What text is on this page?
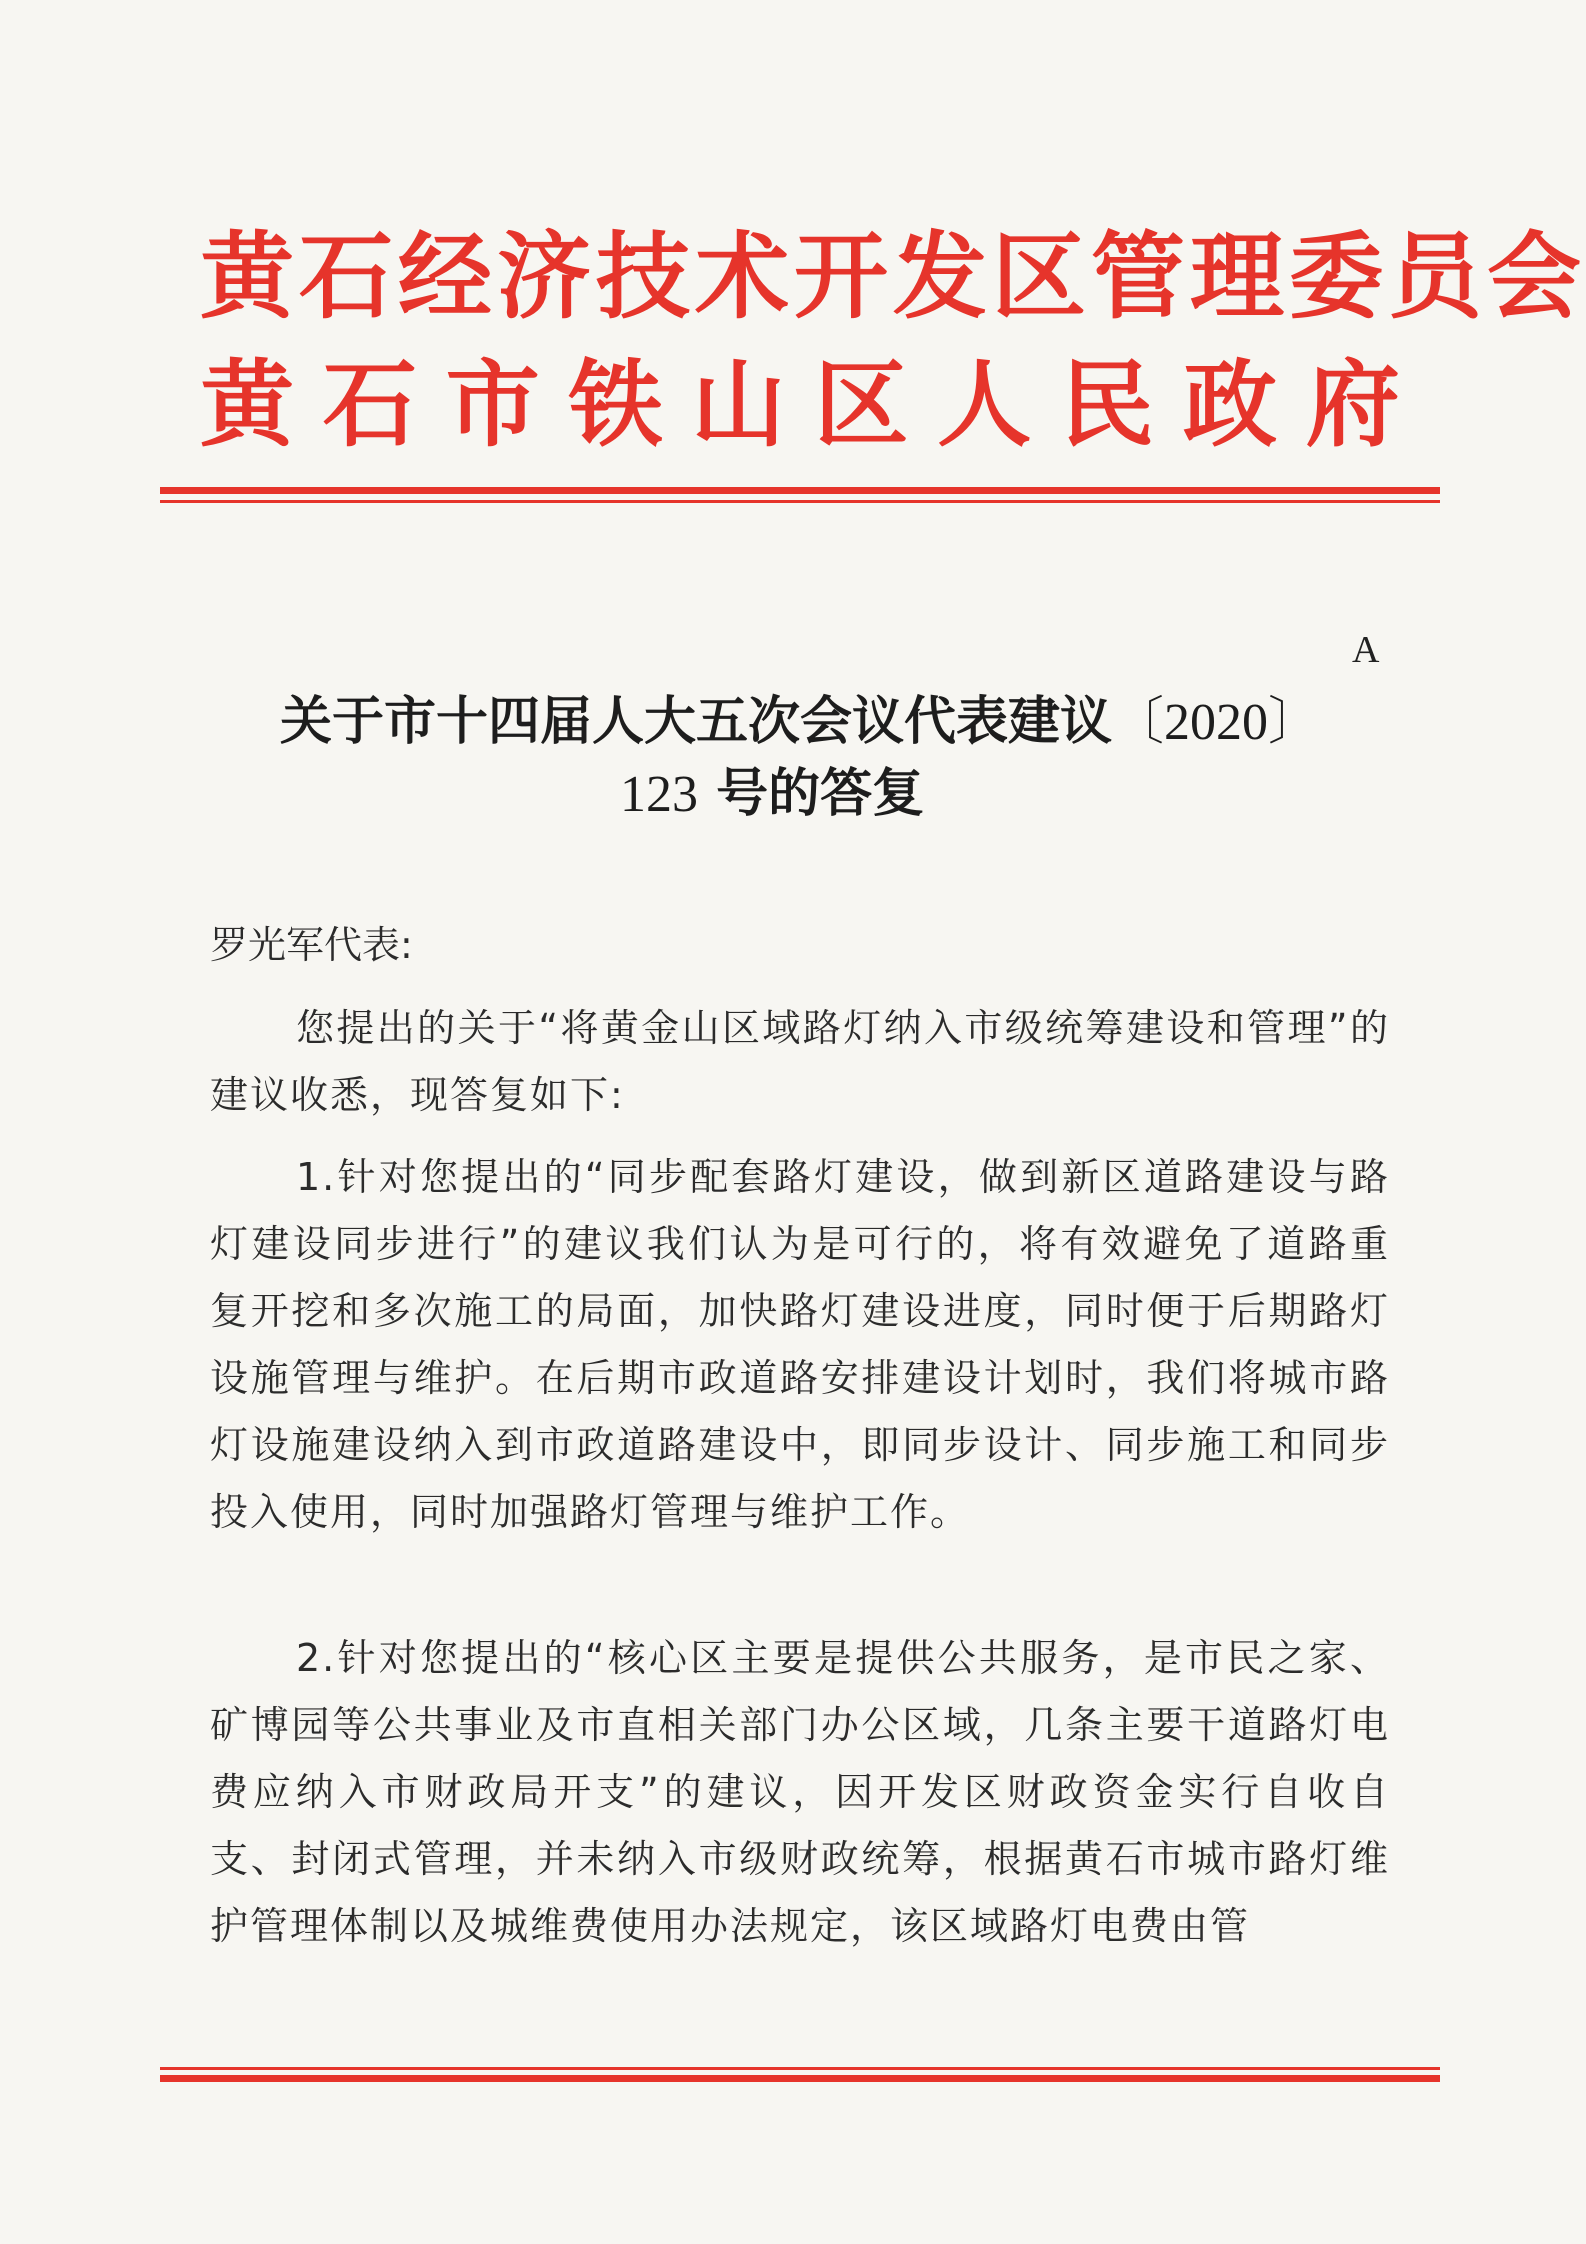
黄石经济技术开发区管理委员会
黄 石 市 铁 山 区 人 民 政 府
A
关于市十四届人大五次会议代表建议〔2020〕
123 号的答复
罗光军代表:

您提出的关于“将黄金山区域路灯纳入市级统筹建设和管理”的建议收悉，现答复如下:

1.针对您提出的“同步配套路灯建设，做到新区道路建设与路灯建设同步进行”的建议我们认为是可行的，将有效避免了道路重复开挖和多次施工的局面，加快路灯建设进度，同时便于后期路灯设施管理与维护。在后期市政道路安排建设计划时，我们将城市路灯设施建设纳入到市政道路建设中，即同步设计、同步施工和同步投入使用，同时加强路灯管理与维护工作。

2.针对您提出的“核心区主要是提供公共服务，是市民之家、矿博园等公共事业及市直相关部门办公区域，几条主要干道路灯电费应纳入市财政局开支”的建议，因开发区财政资金实行自收自支、封闭式管理，并未纳入市级财政统筹，根据黄石市城市路灯维护管理体制以及城维费使用办法规定，该区域路灯电费由管
